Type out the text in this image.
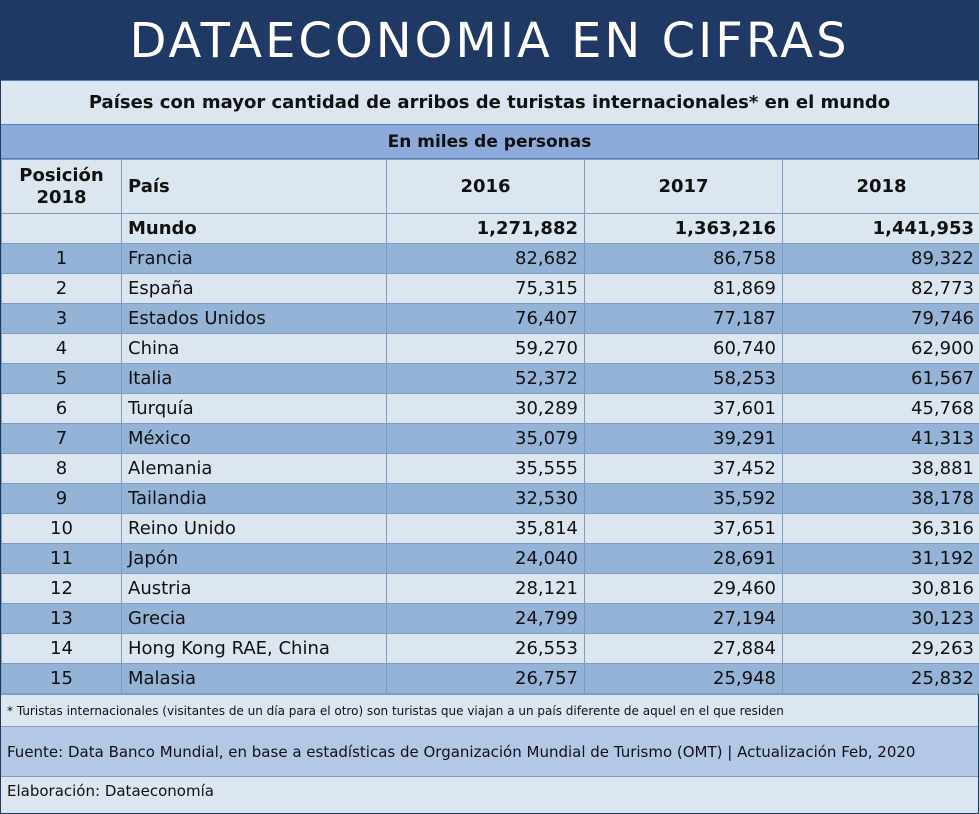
DATAECONOMIA EN CIFRAS
Países con mayor cantidad de arribos de turistas internacionales* en el mundo
En miles de personas
Posición
2018	País	2016	2017	2018
	Mundo	1,271,882	1,363,216	1,441,953
1	Francia	82,682	86,758	89,322
2	España	75,315	81,869	82,773
3	Estados Unidos	76,407	77,187	79,746
4	China	59,270	60,740	62,900
5	Italia	52,372	58,253	61,567
6	Turquía	30,289	37,601	45,768
7	México	35,079	39,291	41,313
8	Alemania	35,555	37,452	38,881
9	Tailandia	32,530	35,592	38,178
10	Reino Unido	35,814	37,651	36,316
11	Japón	24,040	28,691	31,192
12	Austria	28,121	29,460	30,816
13	Grecia	24,799	27,194	30,123
14	Hong Kong RAE, China	26,553	27,884	29,263
15	Malasia	26,757	25,948	25,832
* Turistas internacionales (visitantes de un día para el otro) son turistas que viajan a un país diferente de aquel en el que residen
Fuente: Data Banco Mundial, en base a estadísticas de Organización Mundial de Turismo (OMT) | Actualización Feb, 2020
Elaboración: Dataeconomía
